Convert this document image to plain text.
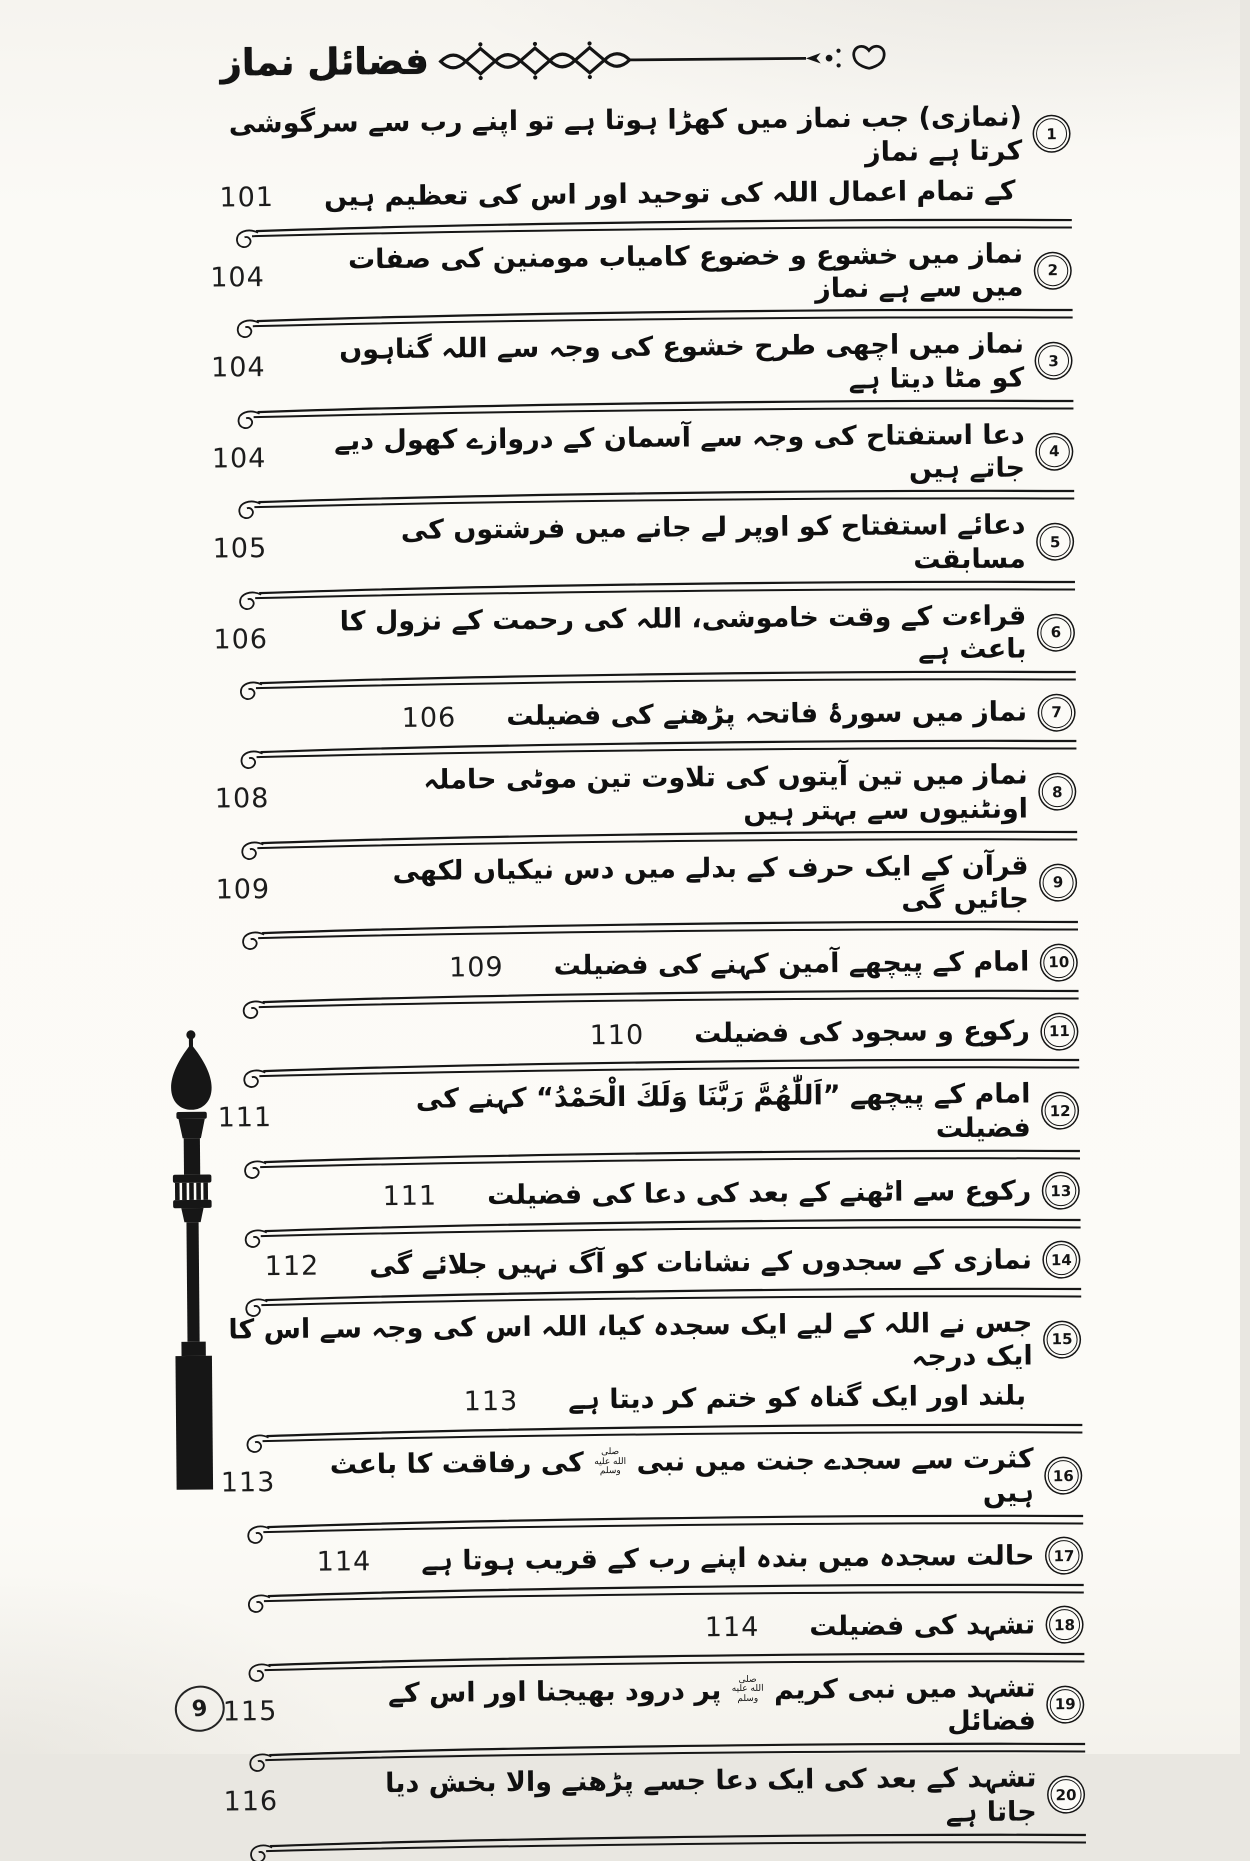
فضائل نماز
1
(نمازی) جب نماز میں کھڑا ہوتا ہے تو اپنے رب سے سرگوشی کرتا ہے نماز
کے تمام اعمال اللہ کی توحید اور اس کی تعظیم ہیں
101
2
نماز میں خشوع و خضوع کامیاب مومنین کی صفات میں سے ہے نماز
104
3
نماز میں اچھی طرح خشوع کی وجہ سے اللہ گناہوں کو مٹا دیتا ہے
104
4
دعا استفتاح کی وجہ سے آسمان کے دروازے کھول دیے جاتے ہیں
104
5
دعائے استفتاح کو اوپر لے جانے میں فرشتوں کی مسابقت
105
6
قراءت کے وقت خاموشی، اللہ کی رحمت کے نزول کا باعث ہے
106
7
نماز میں سورۂ فاتحہ پڑھنے کی فضیلت
106
8
نماز میں تین آیتوں کی تلاوت تین موٹی حاملہ اونٹنیوں سے بہتر ہیں
108
9
قرآن کے ایک حرف کے بدلے میں دس نیکیاں لکھی جائیں گی
109
10
امام کے پیچھے آمین کہنے کی فضیلت
109
11
رکوع و سجود کی فضیلت
110
12
امام کے پیچھے ”اَللّٰهُمَّ رَبَّنَا وَلَكَ الْحَمْدُ“ کہنے کی فضیلت
111
13
رکوع سے اٹھنے کے بعد کی دعا کی فضیلت
111
14
نمازی کے سجدوں کے نشانات کو آگ نہیں جلائے گی
112
15
جس نے اللہ کے لیے ایک سجدہ کیا، اللہ اس کی وجہ سے اس کا ایک درجہ
بلند اور ایک گناہ کو ختم کر دیتا ہے
113
16
کثرت سے سجدے جنت میں نبی صلى الله عليه وسلم کی رفاقت کا باعث ہیں
113
17
حالت سجدہ میں بندہ اپنے رب کے قریب ہوتا ہے
114
18
تشہد کی فضیلت
114
19
تشہد میں نبی کریم صلى الله عليه وسلم پر درود بھیجنا اور اس کے فضائل
115
20
تشہد کے بعد کی ایک دعا جسے پڑھنے والا بخش دیا جاتا ہے
116
9
